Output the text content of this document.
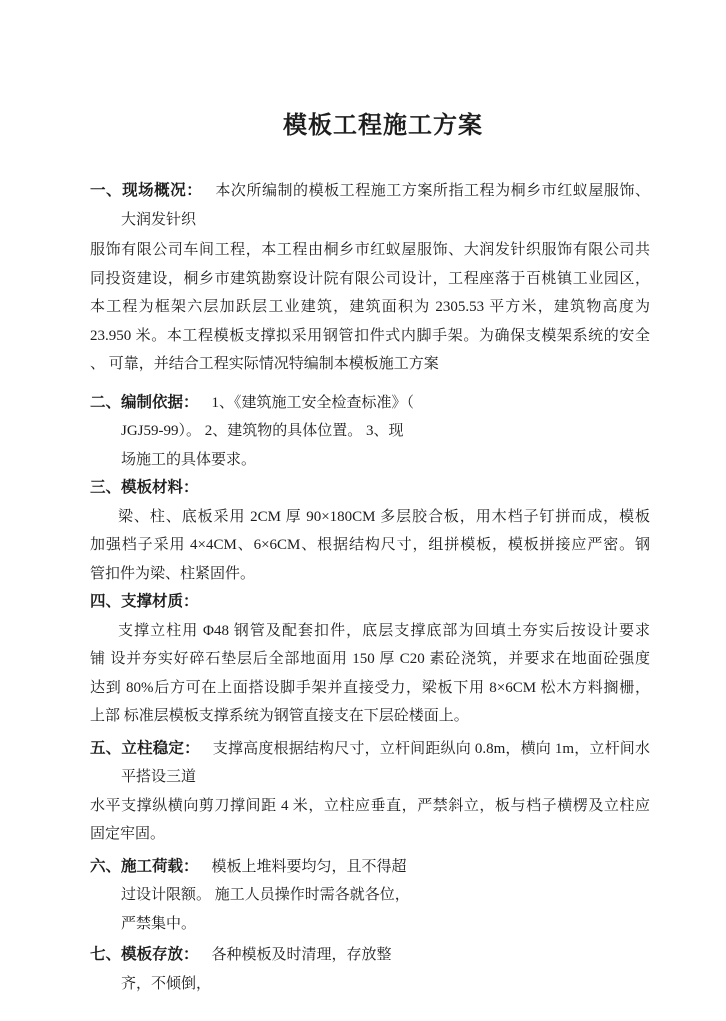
模板工程施工方案
一、现场概况： 本次所编制的模板工程施工方案所指工程为桐乡市红蚁屋服饰、
大润发针织
服饰有限公司车间工程，本工程由桐乡市红蚁屋服饰、大润发针织服饰有限公司共
同投资建设，桐乡市建筑勘察设计院有限公司设计，工程座落于百桃镇工业园区，
本工程为框架六层加跃层工业建筑，建筑面积为 2305.53 平方米，建筑物高度为
23.950 米。本工程模板支撑拟采用钢管扣件式内脚手架。为确保支模架系统的安全
、 可靠，并结合工程实际情况特编制本模板施工方案
二、编制依据： 1、《建筑施工安全检查标准》（
JGJ59-99）。 2、建筑物的具体位置。 3、现
场施工的具体要求。
三、模板材料：
梁、柱、底板采用 2CM 厚 90×180CM 多层胶合板，用木档子钉拼而成，模板
加强档子采用 4×4CM、6×6CM、根据结构尺寸，组拼模板，模板拼接应严密。钢
管扣件为梁、柱紧固件。
四、支撑材质：
支撑立柱用 Φ48 钢管及配套扣件，底层支撑底部为回填土夯实后按设计要求
铺 设并夯实好碎石垫层后全部地面用 150 厚 C20 素砼浇筑，并要求在地面砼强度
达到 80%后方可在上面搭设脚手架并直接受力，梁板下用 8×6CM 松木方料搁栅，
上部 标准层模板支撑系统为钢管直接支在下层砼楼面上。
五、立柱稳定： 支撑高度根据结构尺寸，立杆间距纵向 0.8m，横向 1m，立杆间水
平搭设三道
水平支撑纵横向剪刀撑间距 4 米，立柱应垂直，严禁斜立，板与档子横楞及立柱应
固定牢固。
六、施工荷载： 模板上堆料要均匀，且不得超
过设计限额。 施工人员操作时需各就各位，
严禁集中。
七、模板存放： 各种模板及时清理，存放整
齐，不倾倒，
